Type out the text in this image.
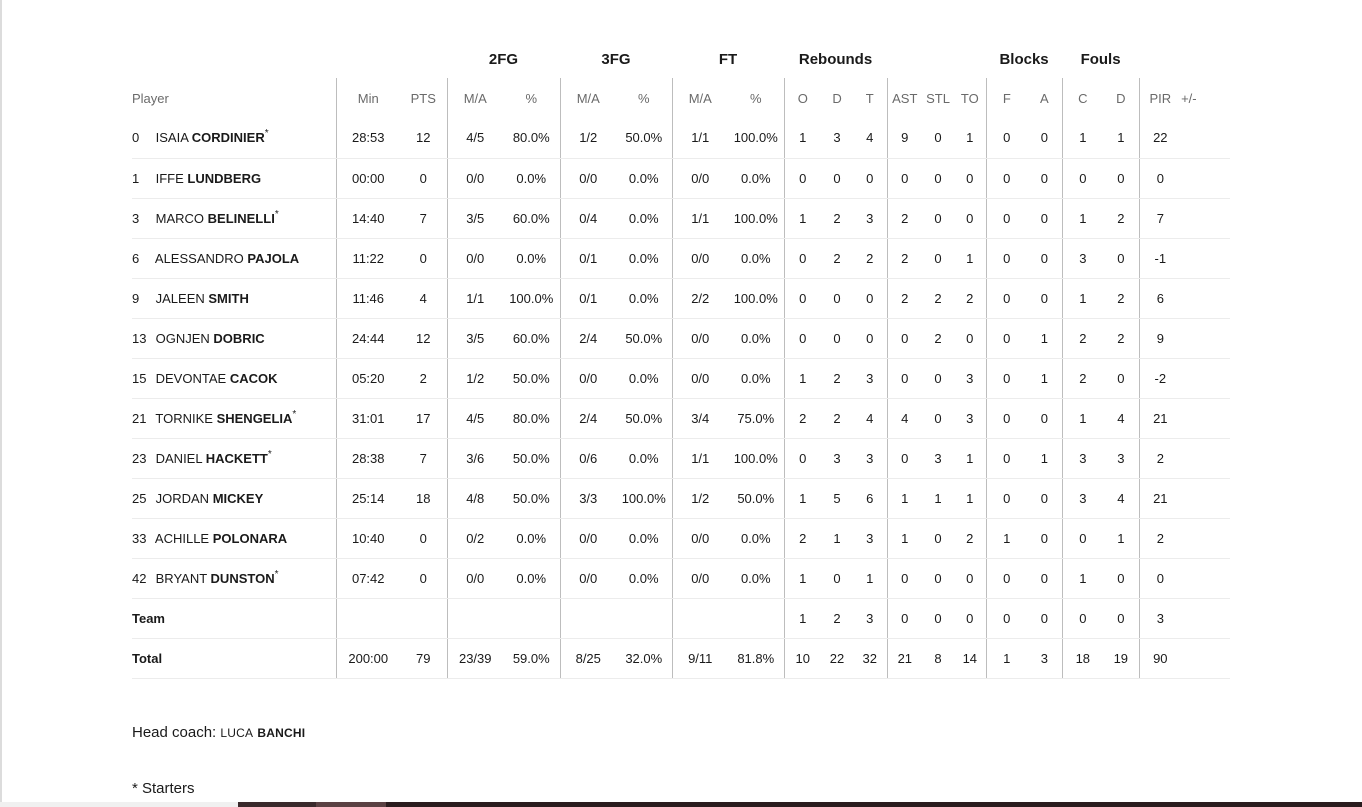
			2FG		3FG		FT		Rebounds						Blocks		Fouls			
Player	Min	PTS	M/A	%	M/A	%	M/A	%	O	D	T	AST	STL	TO	F	A	C	D	PIR	+/-
0 ISAIA CORDINIER*	28:53	12	4/5	80.0%	1/2	50.0%	1/1	100.0%	1	3	4	9	0	1	0	0	1	1	22	
1 IFFE LUNDBERG	00:00	0	0/0	0.0%	0/0	0.0%	0/0	0.0%	0	0	0	0	0	0	0	0	0	0	0	
3 MARCO BELINELLI*	14:40	7	3/5	60.0%	0/4	0.0%	1/1	100.0%	1	2	3	2	0	0	0	0	1	2	7	
6 ALESSANDRO PAJOLA	11:22	0	0/0	0.0%	0/1	0.0%	0/0	0.0%	0	2	2	2	0	1	0	0	3	0	-1	
9 JALEEN SMITH	11:46	4	1/1	100.0%	0/1	0.0%	2/2	100.0%	0	0	0	2	2	2	0	0	1	2	6	
13 OGNJEN DOBRIC	24:44	12	3/5	60.0%	2/4	50.0%	0/0	0.0%	0	0	0	0	2	0	0	1	2	2	9	
15 DEVONTAE CACOK	05:20	2	1/2	50.0%	0/0	0.0%	0/0	0.0%	1	2	3	0	0	3	0	1	2	0	-2	
21 TORNIKE SHENGELIA*	31:01	17	4/5	80.0%	2/4	50.0%	3/4	75.0%	2	2	4	4	0	3	0	0	1	4	21	
23 DANIEL HACKETT*	28:38	7	3/6	50.0%	0/6	0.0%	1/1	100.0%	0	3	3	0	3	1	0	1	3	3	2	
25 JORDAN MICKEY	25:14	18	4/8	50.0%	3/3	100.0%	1/2	50.0%	1	5	6	1	1	1	0	0	3	4	21	
33 ACHILLE POLONARA	10:40	0	0/2	0.0%	0/0	0.0%	0/0	0.0%	2	1	3	1	0	2	1	0	0	1	2	
42 BRYANT DUNSTON*	07:42	0	0/0	0.0%	0/0	0.0%	0/0	0.0%	1	0	1	0	0	0	0	0	1	0	0	
Team									1	2	3	0	0	0	0	0	0	0	3	
Total	200:00	79	23/39	59.0%	8/25	32.0%	9/11	81.8%	10	22	32	21	8	14	1	3	18	19	90	
Head coach: LUCA BANCHI
* Starters
